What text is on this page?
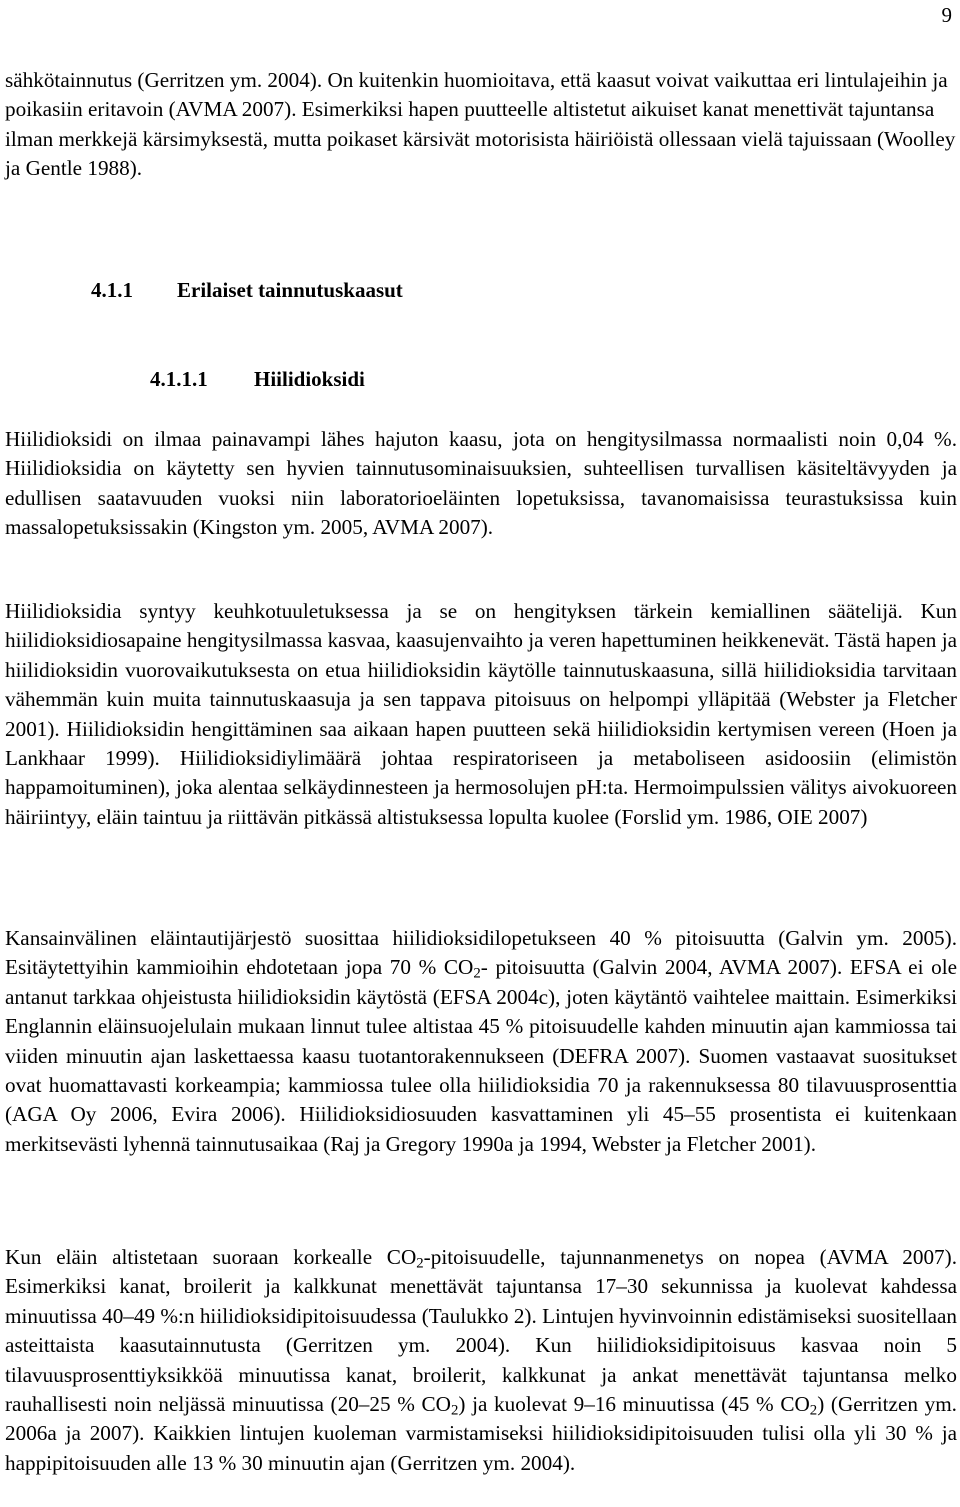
9

sähkötainnutus (Gerritzen ym. 2004). On kuitenkin huomioitava, että kaasut voivat vaikuttaa eri lintulajeihin ja poikasiin eritavoin (AVMA 2007). Esimerkiksi hapen puutteelle altistetut aikuiset kanat menettivät tajuntansa ilman merkkejä kärsimyksestä, mutta poikaset kärsivät motorisista häiriöistä ollessaan vielä tajuissaan (Woolley ja Gentle 1988).

4.1.1 Erilaiset tainnutuskaasut
4.1.1.1 Hiilidioksidi

Hiilidioksidi on ilmaa painavampi lähes hajuton kaasu, jota on hengitysilmassa normaalisti noin 0,04 %. Hiilidioksidia on käytetty sen hyvien tainnutusominaisuuksien, suhteellisen turvallisen käsiteltävyyden ja edullisen saatavuuden vuoksi niin laboratorioeläinten lopetuksissa, tavanomaisissa teurastuksissa kuin massalopetuksissakin (Kingston ym. 2005, AVMA 2007).

Hiilidioksidia syntyy keuhkotuuletuksessa ja se on hengityksen tärkein kemiallinen säätelijä. Kun hiilidioksidiosapaine hengitysilmassa kasvaa, kaasujenvaihto ja veren hapettuminen heikkenevät. Tästä hapen ja hiilidioksidin vuorovaikutuksesta on etua hiilidioksidin käytölle tainnutuskaasuna, sillä hiilidioksidia tarvitaan vähemmän kuin muita tainnutuskaasuja ja sen tappava pitoisuus on helpompi ylläpitää (Webster ja Fletcher 2001). Hiilidioksidin hengittäminen saa aikaan hapen puutteen sekä hiilidioksidin kertymisen vereen (Hoen ja Lankhaar 1999). Hiilidioksidiylimäärä johtaa respiratoriseen ja metaboliseen asidoosiin (elimistön happamoituminen), joka alentaa selkäydinnesteen ja hermosolujen pH:ta. Hermoimpulssien välitys aivokuoreen häiriintyy, eläin taintuu ja riittävän pitkässä altistuksessa lopulta kuolee (Forslid ym. 1986, OIE 2007)

Kansainvälinen eläintautijärjestö suosittaa hiilidioksidilopetukseen 40 % pitoisuutta (Galvin ym. 2005). Esitäytettyihin kammioihin ehdotetaan jopa 70 % $CO_2-$ pitoisuutta (Galvin 2004, AVMA 2007). EFSA ei ole antanut tarkkaa ohjeistusta hiilidioksidin käytöstä (EFSA 2004c), joten käytäntö vaihtelee maittain. Esimerkiksi Englannin eläinsuojelulain mukaan linnut tulee altistaa 45 % pitoisuudelle kahden minuutin ajan kammiossa tai viiden minuutin ajan laskettaessa kaasu tuotantorakennukseen (DEFRA 2007). Suomen vastaavat suositukset ovat huomattavasti korkeampia; kammiossa tulee olla hiilidioksidia 70 ja rakennuksessa 80 tilavuusprosenttia (AGA Oy 2006, Evira 2006). Hiilidioksidiosuuden kasvattaminen yli 45–55 prosentista ei kuitenkaan merkitsevästi lyhennä tainnutusaikaa (Raj ja Gregory 1990a ja 1994, Webster ja Fletcher 2001).

Kun eläin altistetaan suoraan korkealle $CO_2$-pitoisuudelle, tajunnanmenetys on nopea (AVMA 2007). Esimerkiksi kanat, broilerit ja kalkkunat menettävät tajuntansa 17–30 sekunnissa ja kuolevat kahdessa minuutissa 40–49 %:n hiilidioksidipitoisuudessa (Taulukko 2). Lintujen hyvinvoinnin edistämiseksi suositellaan asteittaista kaasutainnutusta (Gerritzen ym. 2004). Kun hiilidioksidipitoisuus kasvaa noin 5 tilavuusprosenttiyksikköä minuutissa kanat, broilerit, kalkkunat ja ankat menettävät tajuntansa melko rauhallisesti noin neljässä minuutissa (20–25 % $CO_2$) ja kuolevat 9–16 minuutissa (45 % $CO_2$) (Gerritzen ym. 2006a ja 2007). Kaikkien lintujen kuoleman varmistamiseksi hiilidioksidipitoisuuden tulisi olla yli 30 % ja happipitoisuuden alle 13 % 30 minuutin ajan (Gerritzen ym. 2004).
